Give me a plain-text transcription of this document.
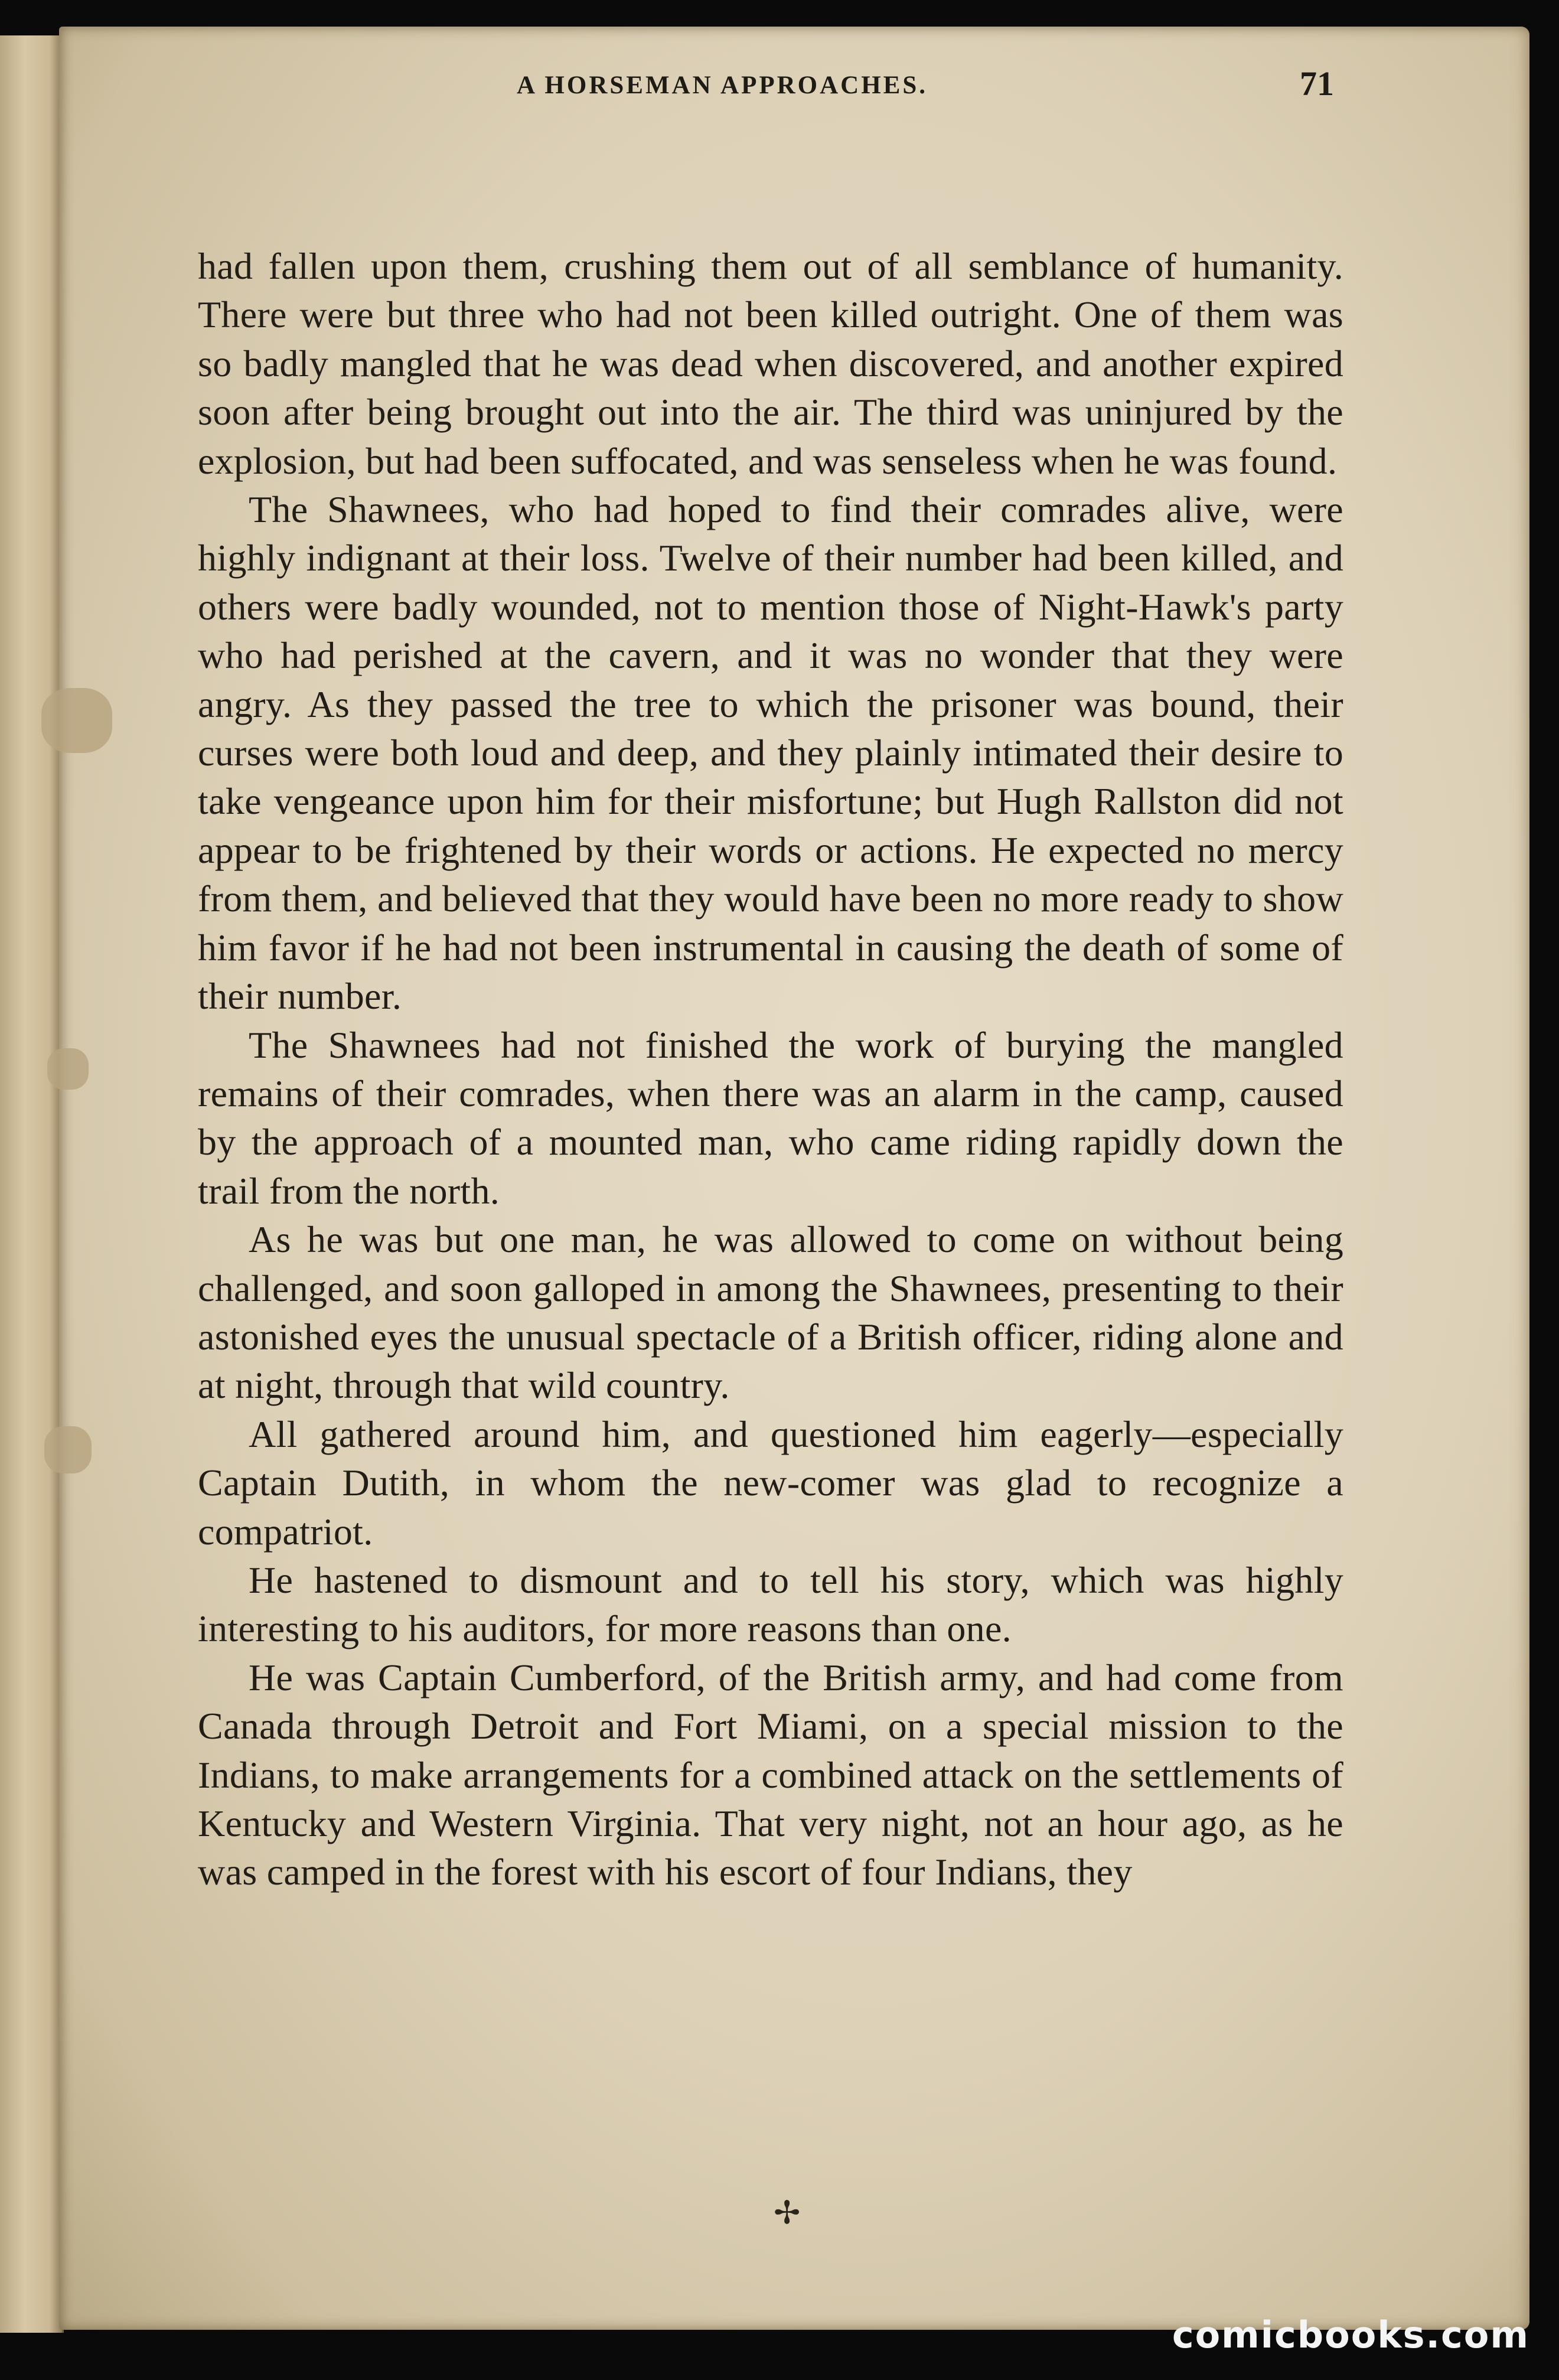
A HORSEMAN APPROACHES.	71

had fallen upon them, crushing them out of all semblance of humanity. There were but three who had not been killed outright. One of them was so badly mangled that he was dead when discovered, and another expired soon after being brought out into the air. The third was uninjured by the explosion, but had been suffocated, and was senseless when he was found.

The Shawnees, who had hoped to find their comrades alive, were highly indignant at their loss. Twelve of their number had been killed, and others were badly wounded, not to mention those of Night-Hawk's party who had perished at the cavern, and it was no wonder that they were angry. As they passed the tree to which the prisoner was bound, their curses were both loud and deep, and they plainly intimated their desire to take vengeance upon him for their misfortune; but Hugh Rallston did not appear to be frightened by their words or actions. He expected no mercy from them, and believed that they would have been no more ready to show him favor if he had not been instrumental in causing the death of some of their number.

The Shawnees had not finished the work of burying the mangled remains of their comrades, when there was an alarm in the camp, caused by the approach of a mounted man, who came riding rapidly down the trail from the north.

As he was but one man, he was allowed to come on without being challenged, and soon galloped in among the Shawnees, presenting to their astonished eyes the unusual spectacle of a British officer, riding alone and at night, through that wild country.

All gathered around him, and questioned him eagerly—especially Captain Dutith, in whom the new-comer was glad to recognize a compatriot.

He hastened to dismount and to tell his story, which was highly interesting to his auditors, for more reasons than one.

He was Captain Cumberford, of the British army, and had come from Canada through Detroit and Fort Miami, on a special mission to the Indians, to make arrangements for a combined attack on the settlements of Kentucky and Western Virginia. That very night, not an hour ago, as he was camped in the forest with his escort of four Indians, they

✢
comicbooks.com
